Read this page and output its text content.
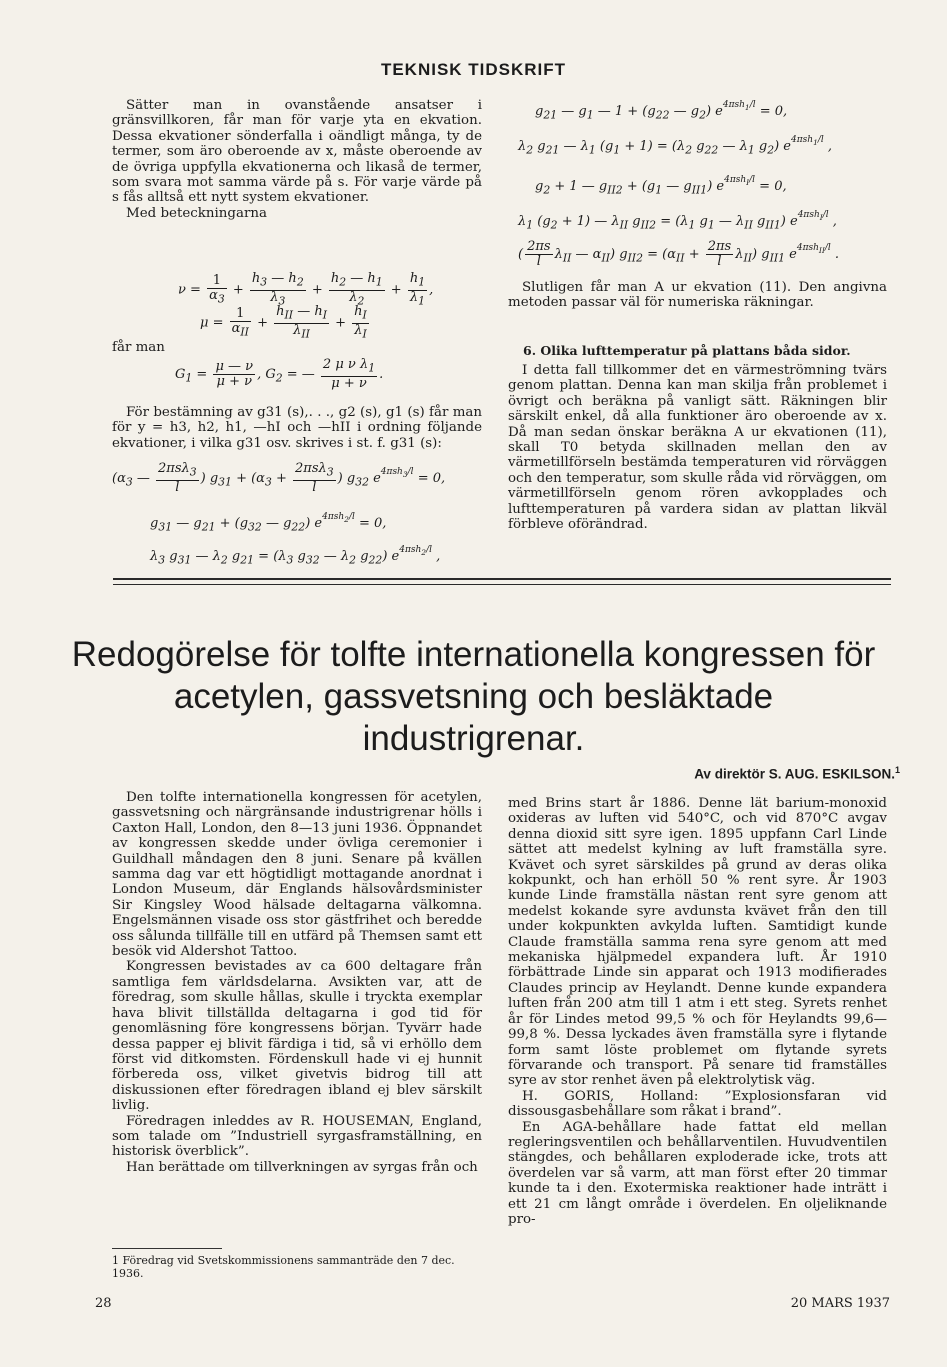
TEKNISK TIDSKRIFT

Sätter man in ovanstående ansatser i gränsvillkoren, får man för varje yta en ekvation. Dessa ekvationer sönderfalla i oändligt många, ty de termer, som äro oberoende av x, måste oberoende av de övriga uppfylla ekvationerna och likaså de termer, som svara mot samma värde på s. För varje värde på s fås alltså ett nytt system ekvationer.

Med beteckningarna

$\nu = \frac{1}{\alpha_3} + \frac{h_3 — h_2}{\lambda_3} + \frac{h_2 — h_1}{\lambda_2} + \frac{h_1}{\lambda_1}$ ,
$\mu = \frac{1}{\alpha_{II}} + \frac{h_{II} — h_I}{\lambda_{II}} + \frac{h_I}{\lambda_I}$
får man
$G_1 = \frac{\mu — \nu}{\mu + \nu}$ , $G_2$ = — $\frac{2 \mu \nu \lambda_1}{\mu + \nu}$ .

För bestämning av g31 (s),. . ., g2 (s), g1 (s) får man för y = h3, h2, h1, —hI och —hII i ordning följande ekvationer, i vilka g31 osv. skrives i st. f. g31 (s):

($\alpha_3$ — $\frac{2\pi s\lambda_3}{l}$ ) $g_{31} + (\alpha_3 + \frac{2\pi s\lambda_3}{l}$ ) $g_{32}$ $e^{4\pi sh_3/l} = 0$,
$g_{31}$ — $g_{21} + (g_{32}$ — $g_{22}$) $e^{4\pi sh_2/l} = 0$,
$\lambda_3$ $g_{31}$ — $\lambda_2$ $g_{21} = (\lambda_3$ $g_{32}$ — $\lambda_2$ $g_{22}$) $e^{4\pi sh_2/l}$ ,
$g_{21}$ — $g_1$ — $1 + (g_{22}$ — $g_2$) $e^{4\pi sh_1/l} = 0$,
$\lambda_2$ $g_{21}$ — $\lambda_1$ $(g_1 + 1) = (\lambda_2$ $g_{22}$ — $\lambda_1$ $g_2$) $e^{4\pi sh_1/l}$ ,
$g_2 + 1$ — $g_{II2} + (g_1$ — $g_{II1}$) $e^{4\pi sh_I/l} = 0$,
$\lambda_1$ $(g_2 + 1)$ — $\lambda_{II}$ $g_{II2} = (\lambda_1$ $g_1$ — $\lambda_{II}$ $g_{II1}$) $e^{4\pi sh_I/l}$ ,
( $\frac{2\pi s}{l} \lambda_{II}$ — $\alpha_{II}$) $g_{II2} = (\alpha_{II} + \frac{2\pi s}{l} \lambda_{II})$ $g_{II1}$ $e^{4\pi sh_{II}/l}$ .

Slutligen får man A ur ekvation (11). Den angivna metoden passar väl för numeriska räkningar.

6. Olika lufttemperatur på plattans båda sidor.

I detta fall tillkommer det en värmeströmning tvärs genom plattan. Denna kan man skilja från problemet i övrigt och beräkna på vanligt sätt. Räkningen blir särskilt enkel, då alla funktioner äro oberoende av x. Då man sedan önskar beräkna A ur ekvationen (11), skall T0 betyda skillnaden mellan den av värmetillförseln bestämda temperaturen vid rörväggen och den temperatur, som skulle råda vid rörväggen, om värmetillförseln genom rören avkopplades och lufttemperaturen på vardera sidan av plattan likväl förbleve oförändrad.

Redogörelse för tolfte internationella kongressen för acetylen, gassvetsning och besläktade industrigrenar.
Av direktör S. AUG. ESKILSON.$^1$

Den tolfte internationella kongressen för acetylen, gassvetsning och närgränsande industrigrenar hölls i Caxton Hall, London, den 8—13 juni 1936. Öppnandet av kongressen skedde under övliga ceremonier i Guildhall måndagen den 8 juni. Senare på kvällen samma dag var ett högtidligt mottagande anordnat i London Museum, där Englands hälsovårdsminister Sir Kingsley Wood hälsade deltagarna välkomna. Engelsmännen visade oss stor gästfrihet och beredde oss sålunda tillfälle till en utfärd på Themsen samt ett besök vid Aldershot Tattoo.

Kongressen bevistades av ca 600 deltagare från samtliga fem världsdelarna. Avsikten var, att de föredrag, som skulle hållas, skulle i tryckta exemplar hava blivit tillställda deltagarna i god tid för genomläsning före kongressens början. Tyvärr hade dessa papper ej blivit färdiga i tid, så vi erhöllo dem först vid ditkomsten. Fördenskull hade vi ej hunnit förbereda oss, vilket givetvis bidrog till att diskussionen efter föredragen ibland ej blev särskilt livlig.

Föredragen inleddes av R. HOUSEMAN, England, som talade om ”Industriell syrgasframställning, en historisk överblick”.

Han berättade om tillverkningen av syrgas från och

1 Föredrag vid Svetskommissionens sammanträde den 7 dec. 1936.

med Brins start år 1886. Denne lät barium-monoxid oxideras av luften vid 540°C, och vid 870°C avgav denna dioxid sitt syre igen. 1895 uppfann Carl Linde sättet att medelst kylning av luft framställa syre. Kvävet och syret särskildes på grund av deras olika kokpunkt, och han erhöll 50 % rent syre. År 1903 kunde Linde framställa nästan rent syre genom att medelst kokande syre avdunsta kvävet från den till under kokpunkten avkylda luften. Samtidigt kunde Claude framställa samma rena syre genom att med mekaniska hjälpmedel expandera luft. År 1910 förbättrade Linde sin apparat och 1913 modifierades Claudes princip av Heylandt. Denne kunde expandera luften från 200 atm till 1 atm i ett steg. Syrets renhet år för Lindes metod 99,5 % och för Heylandts 99,6—99,8 %. Dessa lyckades även framställa syre i flytande form samt löste problemet om flytande syrets förvarande och transport. På senare tid framställes syre av stor renhet även på elektrolytisk väg.

H. GORIS, Holland: ”Explosionsfaran vid dissousgasbehållare som råkat i brand”.

En AGA-behållare hade fattat eld mellan regleringsventilen och behållarventilen. Huvudventilen stängdes, och behållaren exploderade icke, trots att överdelen var så varm, att man först efter 20 timmar kunde ta i den. Exotermiska reaktioner hade inträtt i ett 21 cm långt område i överdelen. En oljeliknande pro-

28	20 MARS 1937
